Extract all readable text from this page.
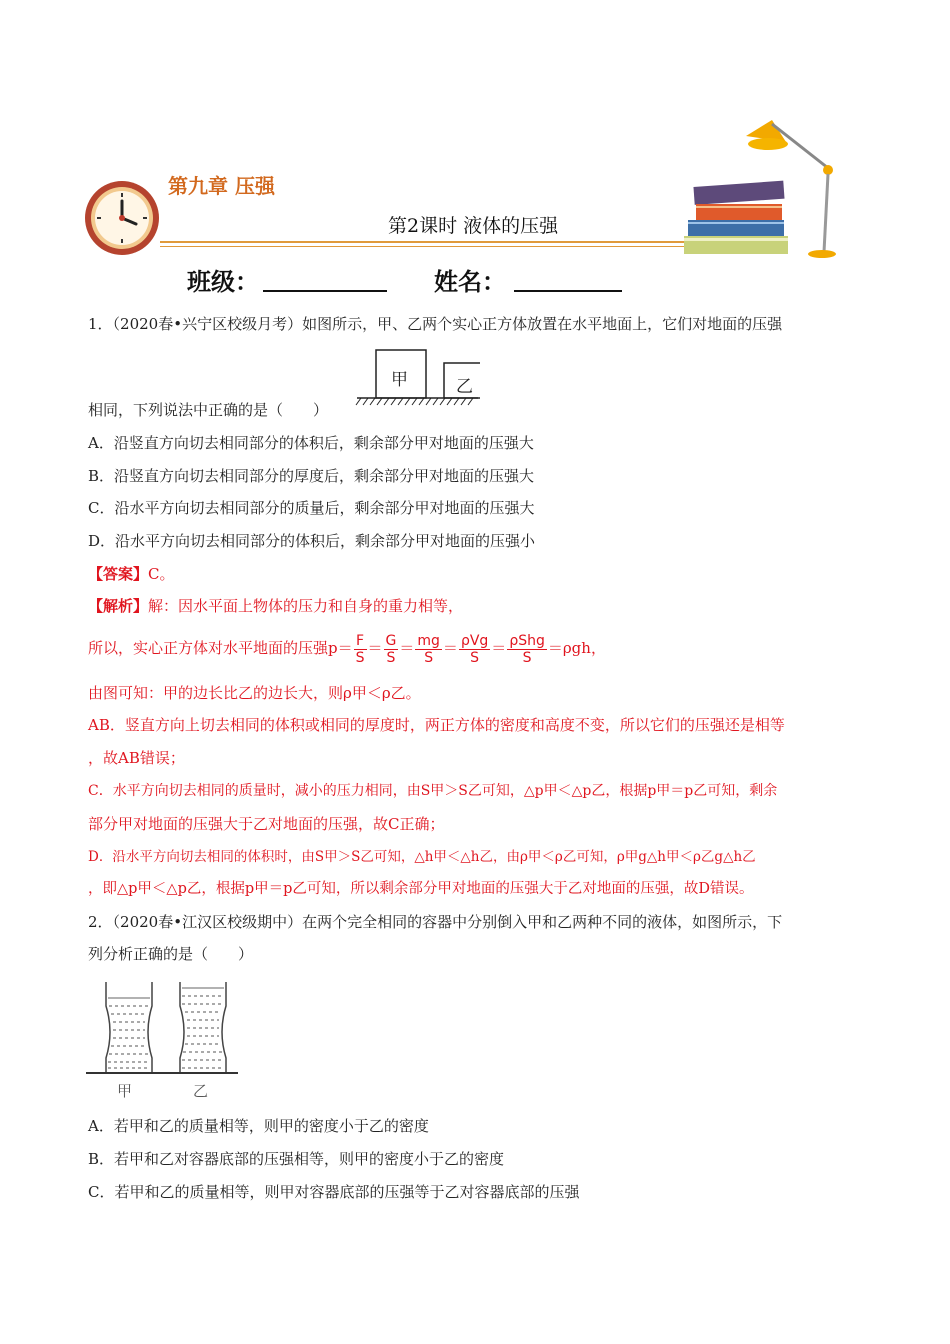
第九章 压强
第2课时 液体的压强
班级：	姓名：
1．（2020春•兴宁区校级月考）如图所示，甲、乙两个实心正方体放置在水平地面上，它们对地面的压强
甲	乙
相同，下列说法中正确的是（　　）
A．沿竖直方向切去相同部分的体积后，剩余部分甲对地面的压强大
B．沿竖直方向切去相同部分的厚度后，剩余部分甲对地面的压强大
C．沿水平方向切去相同部分的质量后，剩余部分甲对地面的压强大
D．沿水平方向切去相同部分的体积后，剩余部分甲对地面的压强小
【答案】C。
【解析】解：因水平面上物体的压力和自身的重力相等，
所以，实心正方体对水平地面的压强$p= \frac{F}{S} = \frac{G}{S} = \frac{mg}{S} = \frac{\text{ρVg}}{S} = \frac{\text{ρShg}}{S} =\rho gh$，
由图可知：甲的边长比乙的边长大，则ρ甲＜ρ乙。
AB．竖直方向上切去相同的体积或相同的厚度时，两正方体的密度和高度不变，所以它们的压强还是相等
，故AB错误；
C．水平方向切去相同的质量时，减小的压力相同，由S甲＞S乙可知，△p甲＜△p乙，根据p甲＝p乙可知，剩余
部分甲对地面的压强大于乙对地面的压强，故C正确；
D．沿水平方向切去相同的体积时，由S甲＞S乙可知，△h甲＜△h乙，由ρ甲＜ρ乙可知，ρ甲g△h甲＜ρ乙g△h乙
，即△p甲＜△p乙，根据p甲＝p乙可知，所以剩余部分甲对地面的压强大于乙对地面的压强，故D错误。
2．（2020春•江汉区校级期中）在两个完全相同的容器中分别倒入甲和乙两种不同的液体，如图所示，下
列分析正确的是（　　）
甲	乙
A．若甲和乙的质量相等，则甲的密度小于乙的密度
B．若甲和乙对容器底部的压强相等，则甲的密度小于乙的密度
C．若甲和乙的质量相等，则甲对容器底部的压强等于乙对容器底部的压强
